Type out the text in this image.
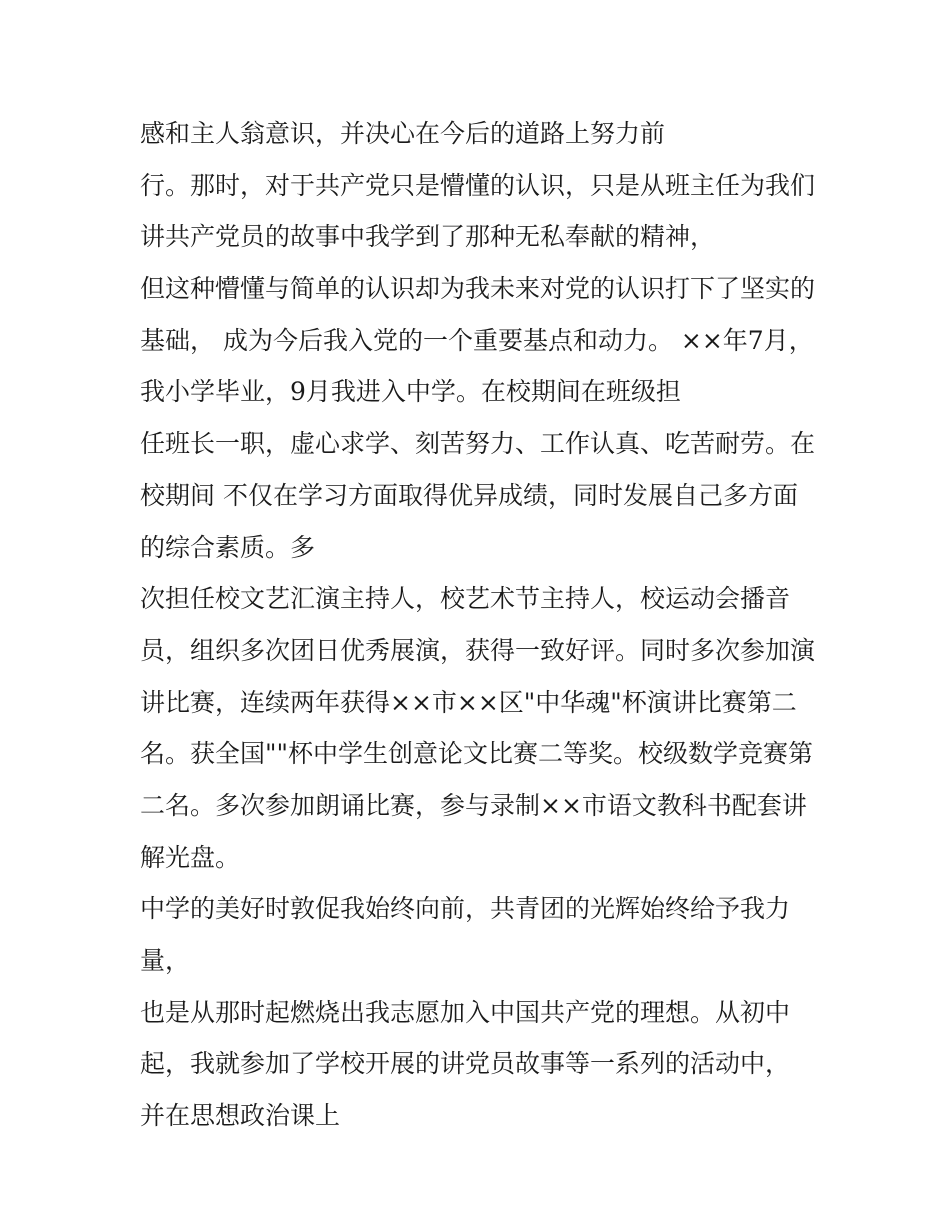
感和主人翁意识，并决心在今后的道路上努力前
行。那时，对于共产党只是懵懂的认识，只是从班主任为我们
讲共产党员的故事中我学到了那种无私奉献的精神，
但这种懵懂与简单的认识却为我未来对党的认识打下了坚实的
基础， 成为今后我入党的一个重要基点和动力。 ××年7月，
我小学毕业，9月我进入中学。在校期间在班级担
任班长一职，虚心求学、刻苦努力、工作认真、吃苦耐劳。在
校期间 不仅在学习方面取得优异成绩，同时发展自己多方面
的综合素质。多
次担任校文艺汇演主持人，校艺术节主持人，校运动会播音
员，组织多次团日优秀展演，获得一致好评。同时多次参加演
讲比赛，连续两年获得××市××区"中华魂"杯演讲比赛第二
名。获全国""杯中学生创意论文比赛二等奖。校级数学竞赛第
二名。多次参加朗诵比赛，参与录制××市语文教科书配套讲
解光盘。
中学的美好时敦促我始终向前，共青团的光辉始终给予我力
量，
也是从那时起燃烧出我志愿加入中国共产党的理想。从初中
起，我就参加了学校开展的讲党员故事等一系列的活动中，
并在思想政治课上
